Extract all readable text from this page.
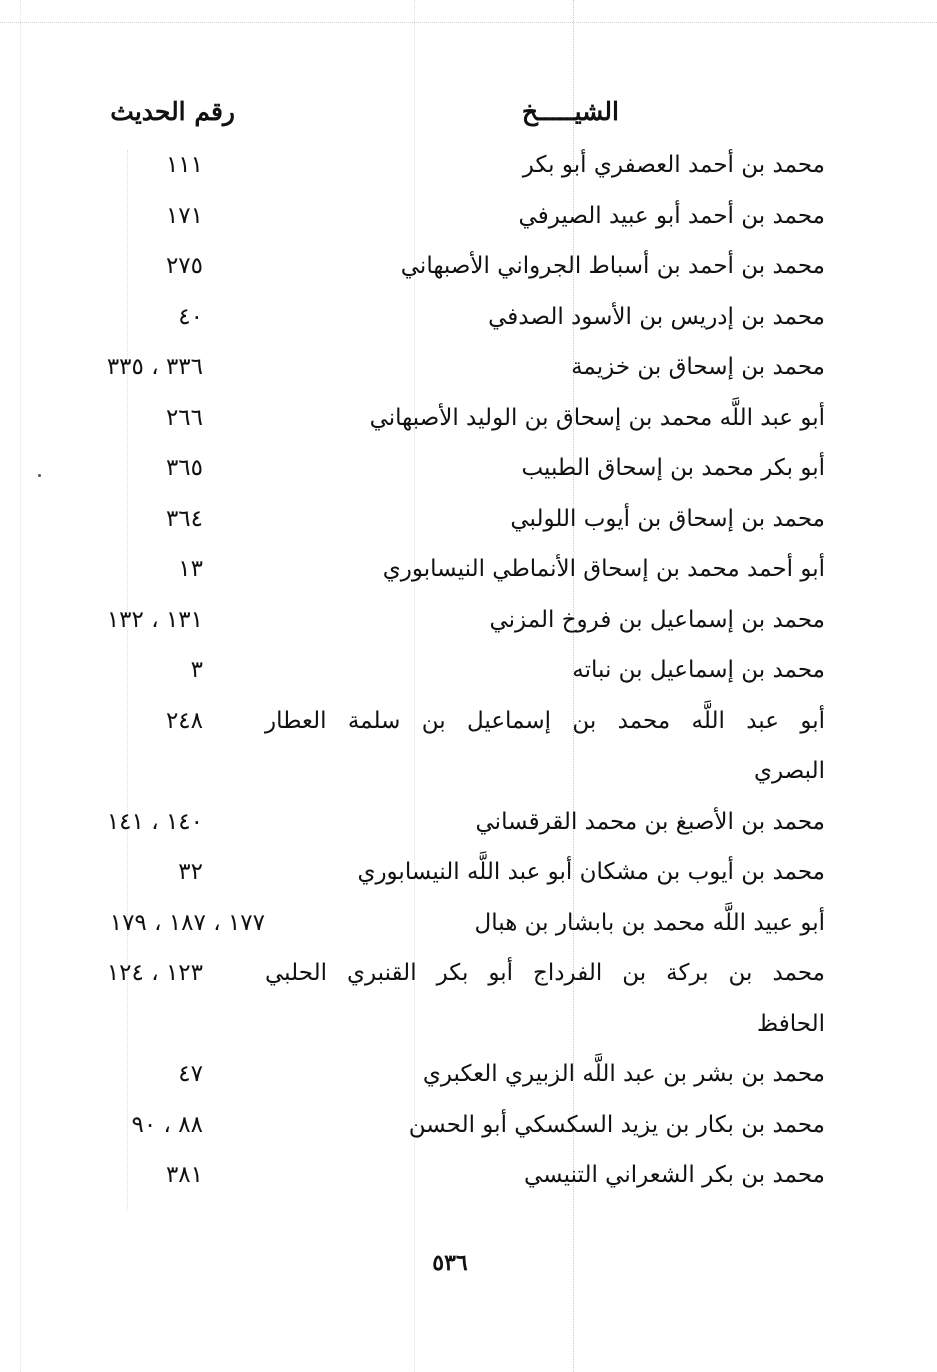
الشيـــــخ
رقم الحديث
محمد بن أحمد العصفري أبو بكر
١١١
محمد بن أحمد أبو عبيد الصيرفي
١٧١
محمد بن أحمد بن أسباط الجرواني الأصبهاني
٢٧٥
محمد بن إدريس بن الأسود الصدفي
٤٠
محمد بن إسحاق بن خزيمة
٣٣٦ ، ٣٣٥
أبو عبد اللَّه محمد بن إسحاق بن الوليد الأصبهاني
٢٦٦
أبو بكر محمد بن إسحاق الطبيب
٣٦٥
محمد بن إسحاق بن أيوب اللولبي
٣٦٤
أبو أحمد محمد بن إسحاق الأنماطي النيسابوري
١٣
محمد بن إسماعيل بن فروخ المزني
١٣١ ، ١٣٢
محمد بن إسماعيل بن نباته
٣
أبو عبد اللَّه محمد بن إسماعيل بن سلمة العطار
٢٤٨
البصري
محمد بن الأصبغ بن محمد القرقساني
١٤٠ ، ١٤١
محمد بن أيوب بن مشكان أبو عبد اللَّه النيسابوري
٣٢
أبو عبيد اللَّه محمد بن بابشار بن هبال
١٧٧ ، ١٨٧ ، ١٧٩
محمد بن بركة بن الفرداج أبو بكر القنبري الحلبي
١٢٣ ، ١٢٤
الحافظ
محمد بن بشر بن عبد اللَّه الزبيري العكبري
٤٧
محمد بن بكار بن يزيد السكسكي أبو الحسن
٨٨ ، ٩٠
محمد بن بكر الشعراني التنيسي
٣٨١
٥٣٦
